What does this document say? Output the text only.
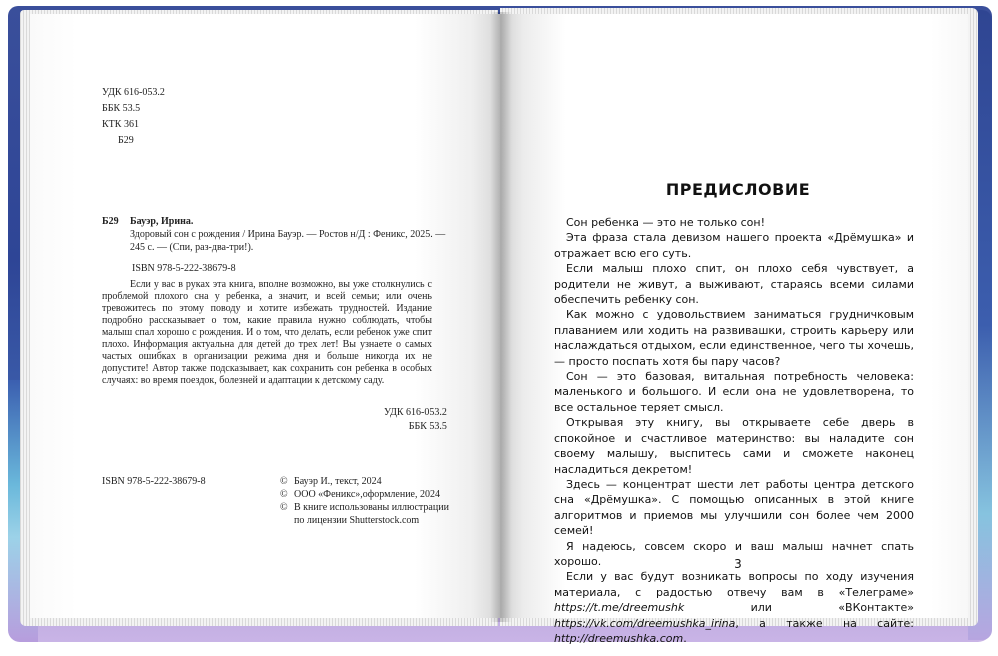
УДК 616-053.2
ББК 53.5
КТК 361
Б29
Б29	Бауэр, Ирина.
Здоровый сон с рождения / Ирина Бауэр. — Ростов н/Д : Феникс, 2025. —
245 с. — (Спи, раз-два-три!).
ISBN 978-5-222-38679-8
Если у вас в руках эта книга, вполне возможно, вы уже столкнулись с проблемой плохого сна у ребенка, а значит, и всей семьи; или очень тревожитесь по этому поводу и хотите избежать трудностей. Издание подробно рассказывает о том, какие правила нужно соблюдать, чтобы малыш спал хорошо с рождения. И о том, что делать, если ребенок уже спит плохо. Информация актуальна для детей до трех лет! Вы узнаете о самых частых ошибках в организации режима дня и больше никогда их не допустите! Автор также подсказывает, как сохранить сон ребенка в особых случаях: во время поездок, болезней и адаптации к детскому саду.
УДК 616-053.2
ББК 53.5
ISBN 978-5-222-38679-8	© Бауэр И., текст, 2024
© ООО «Феникс»,оформление, 2024
© В книге использованы иллюстрации
по лицензии Shutterstock.com
ПРЕДИСЛОВИЕ

Сон ребенка — это не только сон!

Эта фраза стала девизом нашего проекта «Дрёмушка» и отражает всю его суть.

Если малыш плохо спит, он плохо себя чувствует, а родители не живут, а выживают, стараясь всеми силами обеспечить ребенку сон.

Как можно с удовольствием заниматься грудничковым плаванием или ходить на развивашки, строить карьеру или наслаждаться отдыхом, если единственное, чего ты хочешь, — просто поспать хотя бы пару часов?

Сон — это базовая, витальная потребность человека: маленького и большого. И если она не удовлетворена, то все остальное теряет смысл.

Открывая эту книгу, вы открываете себе дверь в спокойное и счастливое материнство: вы наладите сон своему малышу, выспитесь сами и сможете наконец насладиться декретом!

Здесь — концентрат шести лет работы центра детского сна «Дрёмушка». С помощью описанных в этой книге алгоритмов и приемов мы улучшили сон более чем 2000 семей!

Я надеюсь, совсем скоро и ваш малыш начнет спать хорошо.

Если у вас будут возникать вопросы по ходу изучения материала, с радостью отвечу вам в «Телеграме» https://t.me/dreemushk или «ВКонтакте» https://vk.com/dreemushka_irina, а также на сайте: http://dreemushka.com.

3
